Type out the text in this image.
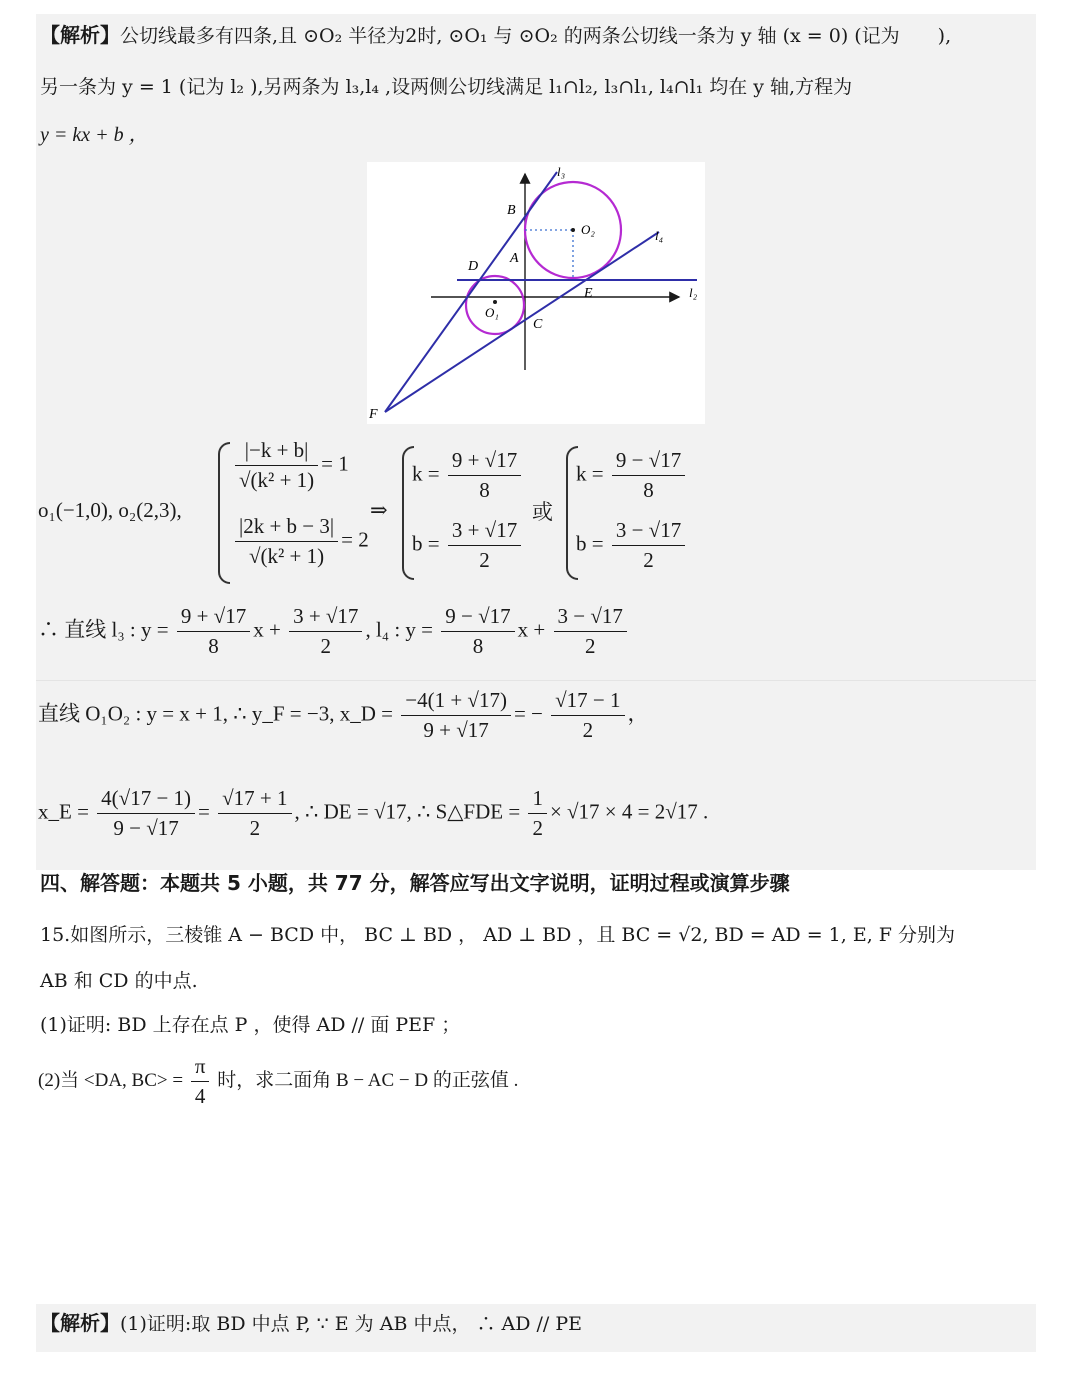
【解析】公切线最多有四条,且 ⊙O₂ 半径为2时, ⊙O₁ 与 ⊙O₂ 的两条公切线一条为 y 轴 (x = 0) (记为　　),
另一条为 y = 1 (记为 l₂ ),另两条为 l₃,l₄ ,设两侧公切线满足 l₁∩l₂, l₃∩l₁, l₄∩l₁ 均在 y 轴,方程为
y = kx + b ，
l₃
l₄
l₂
B
O₂
D
A
E
O₁
C
F
o₁(−1,0), o₂(2,3),
$\frac{|-k + b|}{\text{√(k² + 1)}} = 1$
$\frac{|2k + b - 3|}{\text{√(k² + 1)}} = 2$
⇒
$k = \frac{9 + √17}{8}$
$b = \frac{3 + √17}{2}$
或
$k = \frac{9 - √17}{8}$
$b = \frac{3 - √17}{2}$
∴ 直线 l₃ : $y = \frac{9 + √17}{8}$ $x + \frac{3 + √17}{2}$ , l₄ : $y = \frac{9 - √17}{8}$ $x + \frac{3 - √17}{2}$
直线 O₁O₂ : y = x + 1, ∴ y_F = −3, x_D = $\frac{-4(1 + √17)}{9 + √17}$ = − $\frac{√17 - 1}{2}$ ，
x_E = $\frac{4(√17 - 1)}{9 - √17} = \frac{√17 + 1}{2}$ , ∴ DE = √17, ∴ S△FDE = $\frac{1}{2} \times √17 \times 4 = 2√17$ .
四、解答题：本题共 5 小题，共 77 分，解答应写出文字说明，证明过程或演算步骤
15.如图所示，三棱锥 A − BCD 中， BC ⊥ BD ， AD ⊥ BD ，且 BC = √2, BD = AD = 1, E, F 分别为
AB 和 CD 的中点.
(1)证明: BD 上存在点 P ，使得 AD // 面 PEF ；
(2)当 <DA, $BC> = \frac{\pi}{4}$ 时，求二面角 B − AC − D 的正弦值 .
【解析】(1)证明:取 BD 中点 P, ∵ E 为 AB 中点， ∴ AD // PE
